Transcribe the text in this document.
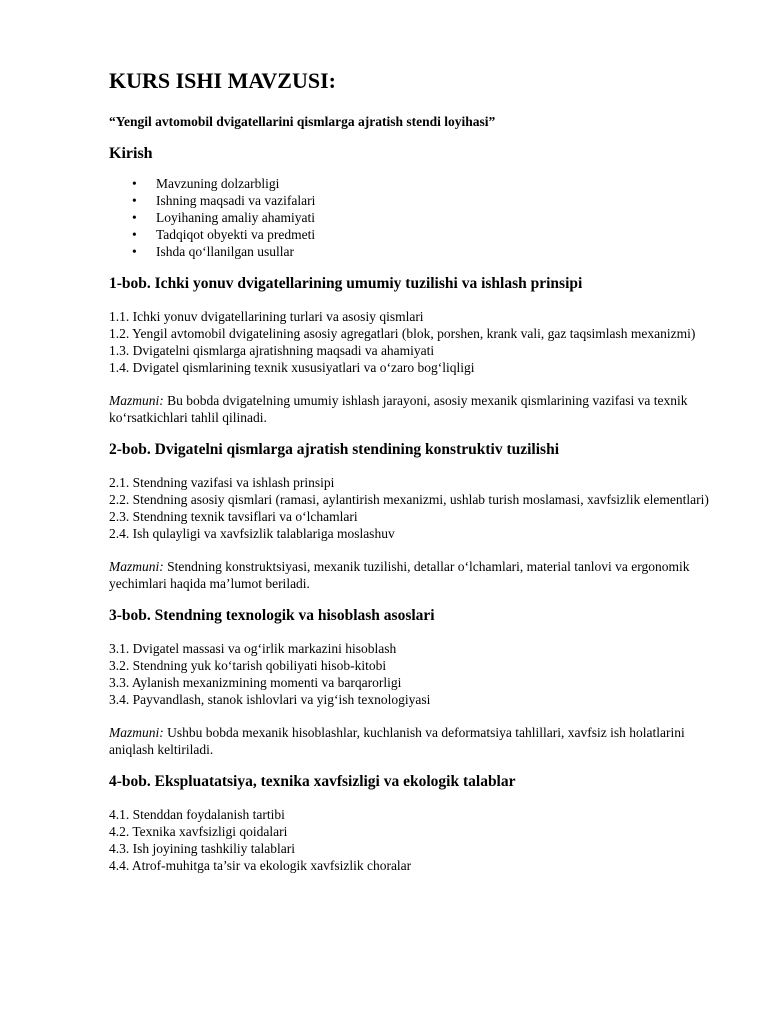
KURS ISHI MAVZUSI:

“Yengil avtomobil dvigatellarini qismlarga ajratish stendi loyihasi”

Kirish
• Mavzuning dolzarbligi
• Ishning maqsadi va vazifalari
• Loyihaning amaliy ahamiyati
• Tadqiqot obyekti va predmeti
• Ishda qo‘llanilgan usullar
1-bob. Ichki yonuv dvigatellarining umumiy tuzilishi va ishlash prinsipi
1.1. Ichki yonuv dvigatellarining turlari va asosiy qismlari
1.2. Yengil avtomobil dvigatelining asosiy agregatlari (blok, porshen, krank vali, gaz taqsimlash mexanizmi)
1.3. Dvigatelni qismlarga ajratishning maqsadi va ahamiyati
1.4. Dvigatel qismlarining texnik xususiyatlari va o‘zaro bog‘liqligi

Mazmuni: Bu bobda dvigatelning umumiy ishlash jarayoni, asosiy mexanik qismlarining vazifasi va texnik ko‘rsatkichlari tahlil qilinadi.

2-bob. Dvigatelni qismlarga ajratish stendining konstruktiv tuzilishi
2.1. Stendning vazifasi va ishlash prinsipi
2.2. Stendning asosiy qismlari (ramasi, aylantirish mexanizmi, ushlab turish moslamasi, xavfsizlik elementlari)
2.3. Stendning texnik tavsiflari va o‘lchamlari
2.4. Ish qulayligi va xavfsizlik talablariga moslashuv

Mazmuni: Stendning konstruktsiyasi, mexanik tuzilishi, detallar o‘lchamlari, material tanlovi va ergonomik yechimlari haqida ma’lumot beriladi.

3-bob. Stendning texnologik va hisoblash asoslari
3.1. Dvigatel massasi va og‘irlik markazini hisoblash
3.2. Stendning yuk ko‘tarish qobiliyati hisob-kitobi
3.3. Aylanish mexanizmining momenti va barqarorligi
3.4. Payvandlash, stanok ishlovlari va yig‘ish texnologiyasi

Mazmuni: Ushbu bobda mexanik hisoblashlar, kuchlanish va deformatsiya tahlillari, xavfsiz ish holatlarini aniqlash keltiriladi.

4-bob. Ekspluatatsiya, texnika xavfsizligi va ekologik talablar
4.1. Stenddan foydalanish tartibi
4.2. Texnika xavfsizligi qoidalari
4.3. Ish joyining tashkiliy talablari
4.4. Atrof-muhitga ta’sir va ekologik xavfsizlik choralar
